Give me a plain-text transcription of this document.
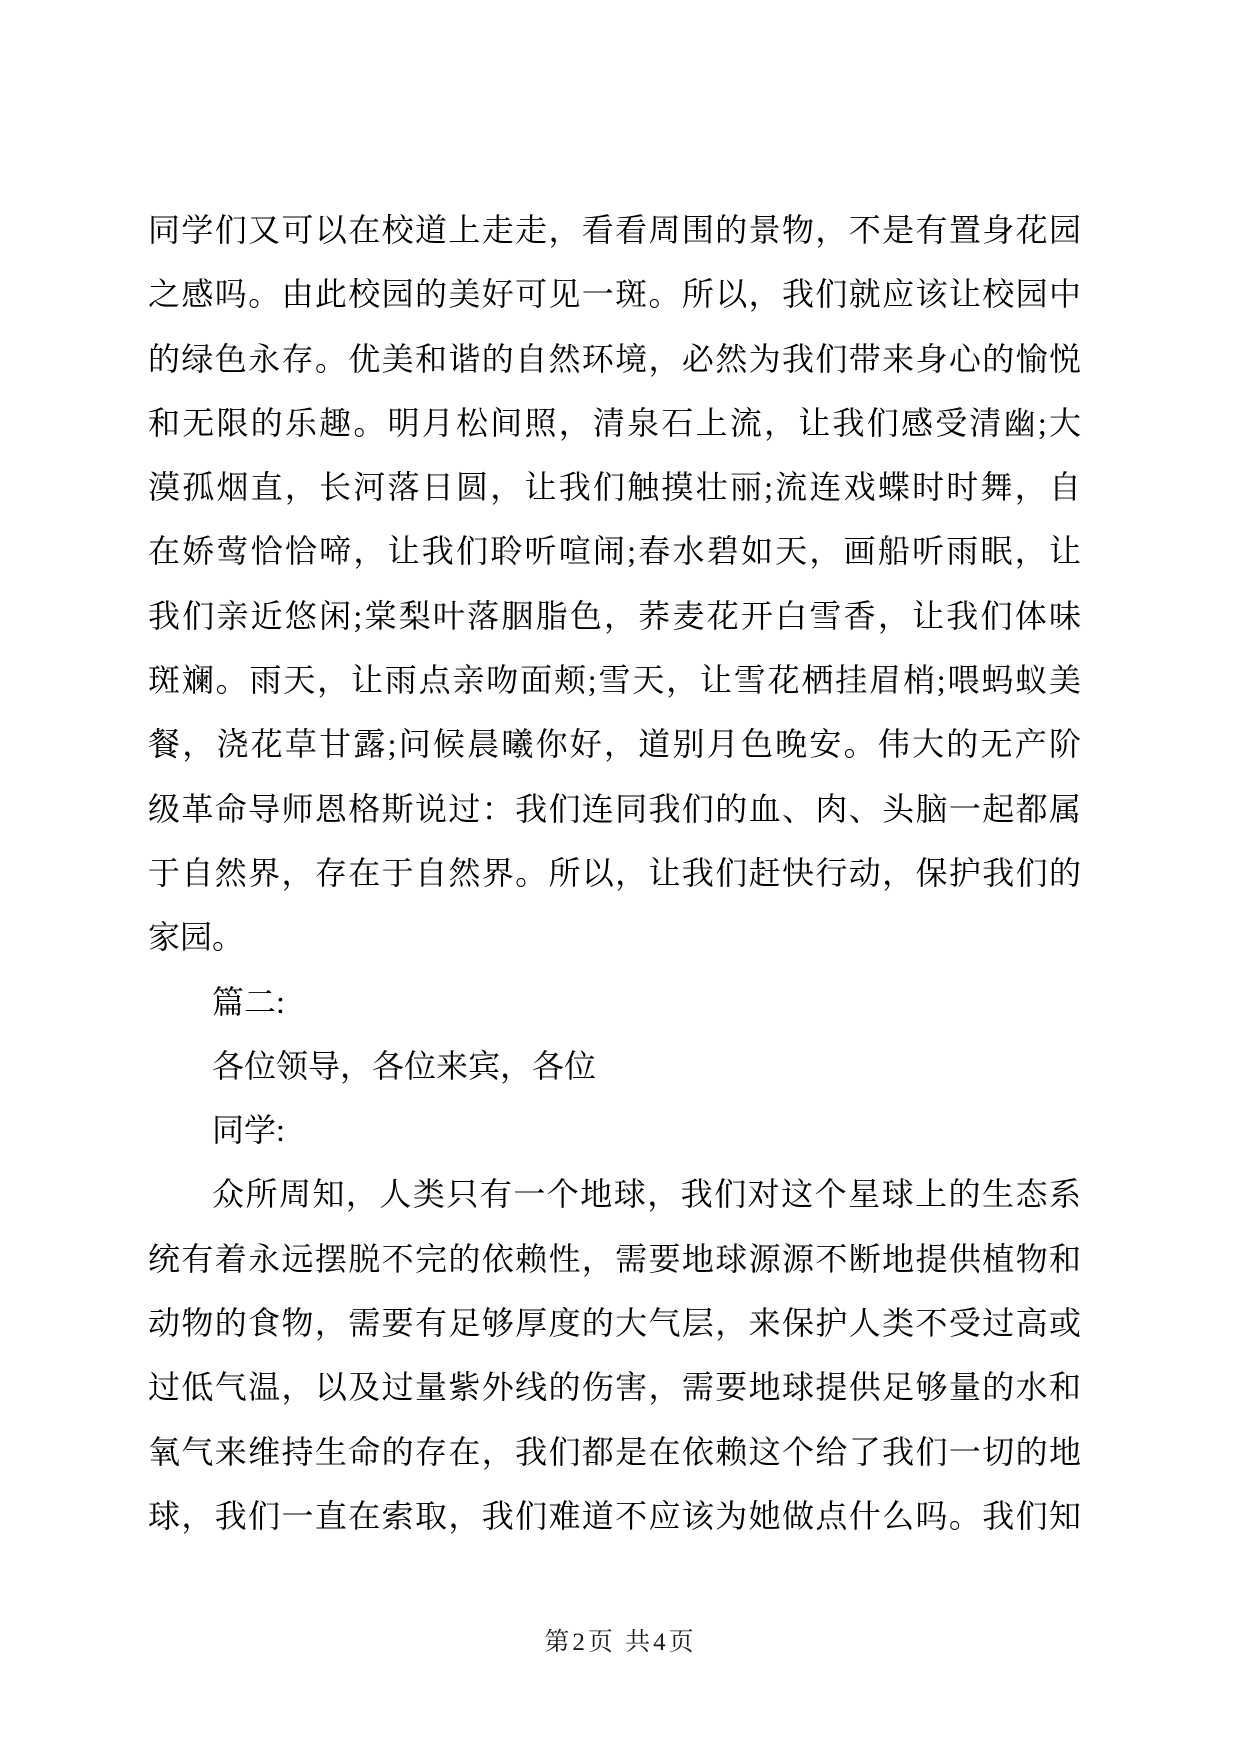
同学们又可以在校道上走走，看看周围的景物，不是有置身花园
之感吗。由此校园的美好可见一斑。所以，我们就应该让校园中
的绿色永存。优美和谐的自然环境，必然为我们带来身心的愉悦
和无限的乐趣。明月松间照，清泉石上流，让我们感受清幽;大
漠孤烟直，长河落日圆，让我们触摸壮丽;流连戏蝶时时舞，自
在娇莺恰恰啼，让我们聆听喧闹;春水碧如天，画船听雨眠，让
我们亲近悠闲;棠梨叶落胭脂色，荞麦花开白雪香，让我们体味
斑斓。雨天，让雨点亲吻面颊;雪天，让雪花栖挂眉梢;喂蚂蚁美
餐，浇花草甘露;问候晨曦你好，道别月色晚安。伟大的无产阶
级革命导师恩格斯说过：我们连同我们的血、肉、头脑一起都属
于自然界，存在于自然界。所以，让我们赶快行动，保护我们的
家园。
篇二:
各位领导，各位来宾，各位
同学:
众所周知，人类只有一个地球，我们对这个星球上的生态系
统有着永远摆脱不完的依赖性，需要地球源源不断地提供植物和
动物的食物，需要有足够厚度的大气层，来保护人类不受过高或
过低气温，以及过量紫外线的伤害，需要地球提供足够量的水和
氧气来维持生命的存在，我们都是在依赖这个给了我们一切的地
球，我们一直在索取，我们难道不应该为她做点什么吗。我们知
第2页 共4页
